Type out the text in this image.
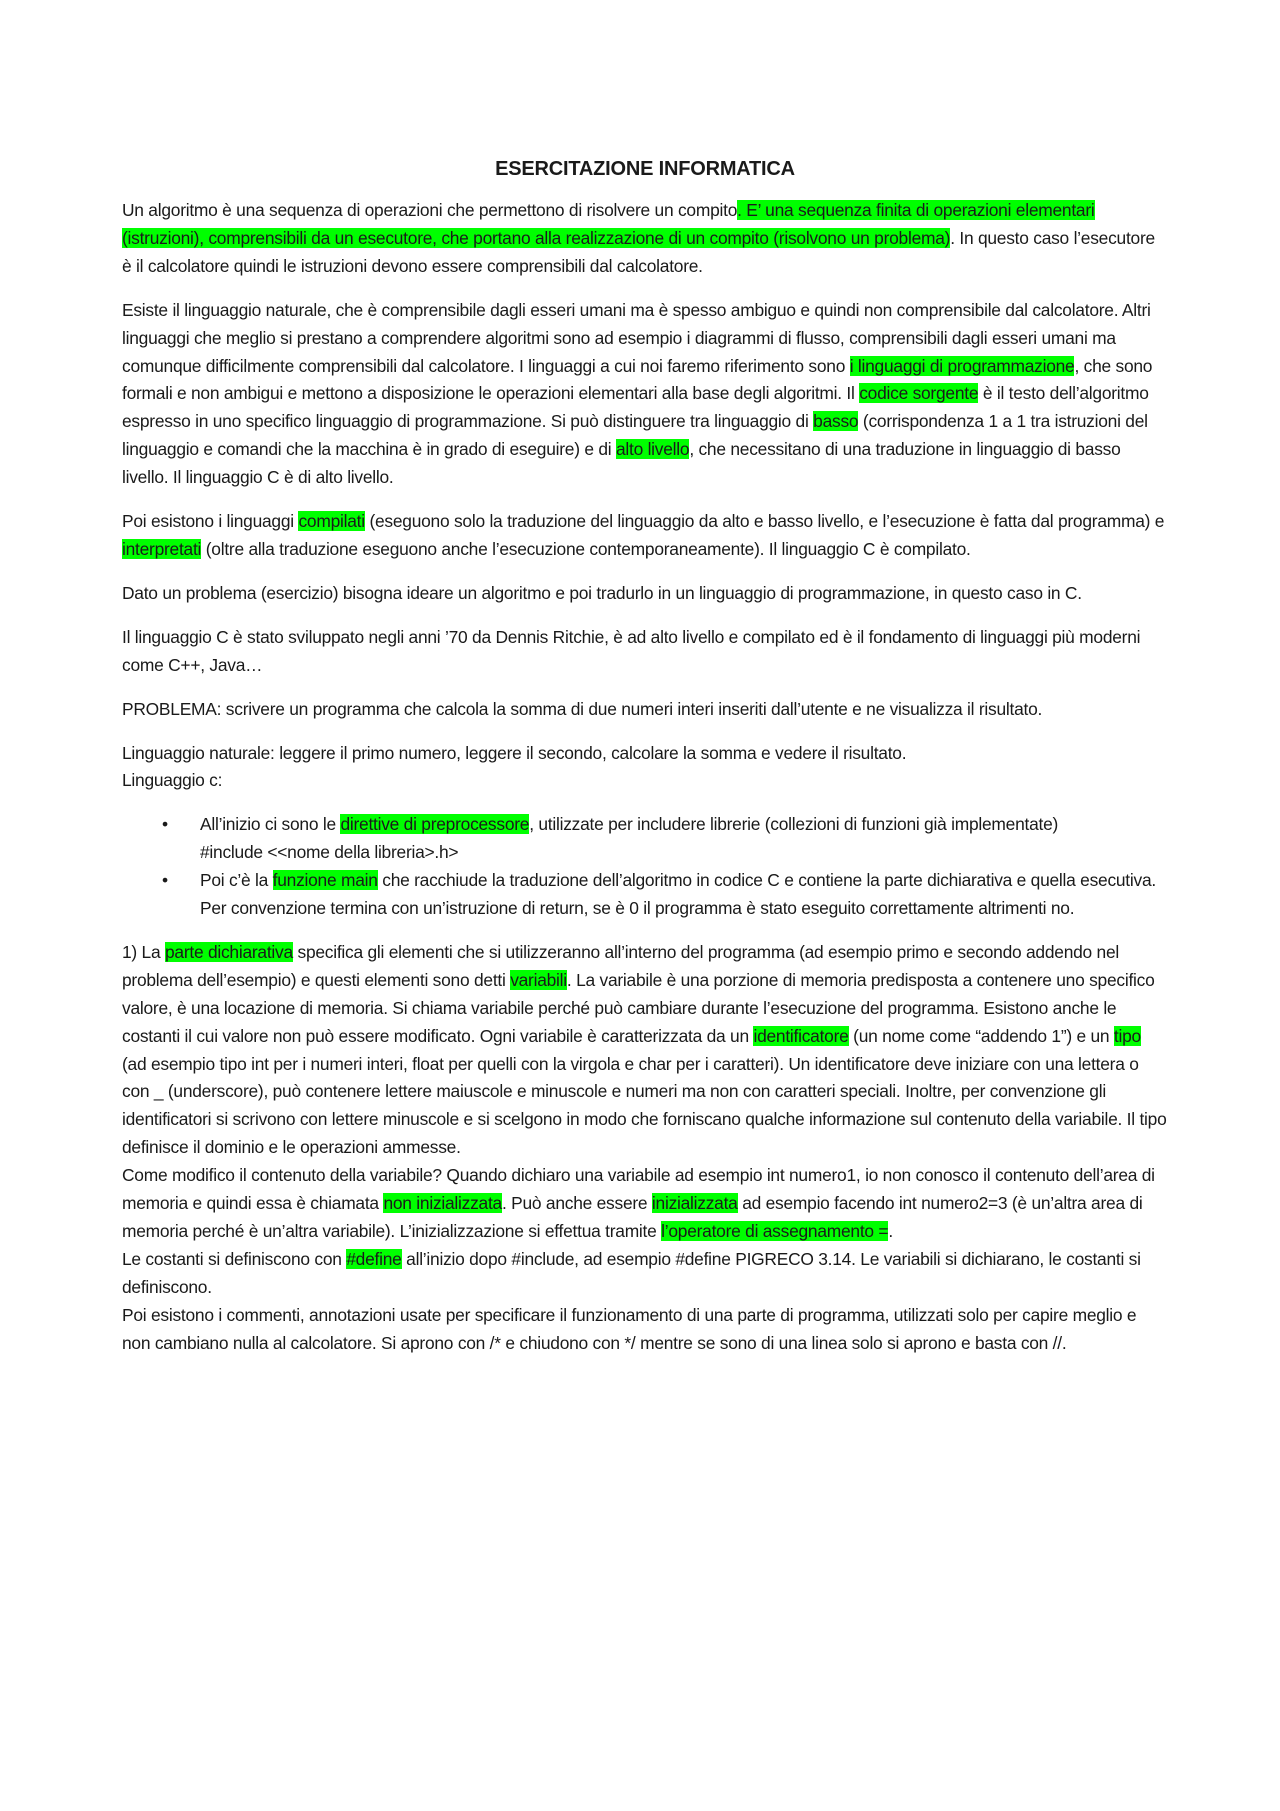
ESERCITAZIONE INFORMATICA

Un algoritmo è una sequenza di operazioni che permettono di risolvere un compito. E’ una sequenza finita di operazioni elementari (istruzioni), comprensibili da un esecutore, che portano alla realizzazione di un compito (risolvono un problema). In questo caso l’esecutore è il calcolatore quindi le istruzioni devono essere comprensibili dal calcolatore.

Esiste il linguaggio naturale, che è comprensibile dagli esseri umani ma è spesso ambiguo e quindi non comprensibile dal calcolatore. Altri linguaggi che meglio si prestano a comprendere algoritmi sono ad esempio i diagrammi di flusso, comprensibili dagli esseri umani ma comunque difficilmente comprensibili dal calcolatore. I linguaggi a cui noi faremo riferimento sono i linguaggi di programmazione, che sono formali e non ambigui e mettono a disposizione le operazioni elementari alla base degli algoritmi. Il codice sorgente è il testo dell’algoritmo espresso in uno specifico linguaggio di programmazione. Si può distinguere tra linguaggio di basso (corrispondenza 1 a 1 tra istruzioni del linguaggio e comandi che la macchina è in grado di eseguire) e di alto livello, che necessitano di una traduzione in linguaggio di basso livello. Il linguaggio C è di alto livello.

Poi esistono i linguaggi compilati (eseguono solo la traduzione del linguaggio da alto e basso livello, e l’esecuzione è fatta dal programma) e interpretati (oltre alla traduzione eseguono anche l’esecuzione contemporaneamente). Il linguaggio C è compilato.

Dato un problema (esercizio) bisogna ideare un algoritmo e poi tradurlo in un linguaggio di programmazione, in questo caso in C.

Il linguaggio C è stato sviluppato negli anni ’70 da Dennis Ritchie, è ad alto livello e compilato ed è il fondamento di linguaggi più moderni come C++, Java…

PROBLEMA: scrivere un programma che calcola la somma di due numeri interi inseriti dall’utente e ne visualizza il risultato.

Linguaggio naturale: leggere il primo numero, leggere il secondo, calcolare la somma e vedere il risultato.
Linguaggio c:

• All’inizio ci sono le direttive di preprocessore, utilizzate per includere librerie (collezioni di funzioni già implementate)
#include <<nome della libreria>.h>
• Poi c’è la funzione main che racchiude la traduzione dell’algoritmo in codice C e contiene la parte dichiarativa e quella esecutiva. Per convenzione termina con un’istruzione di return, se è 0 il programma è stato eseguito correttamente altrimenti no.

1) La parte dichiarativa specifica gli elementi che si utilizzeranno all’interno del programma (ad esempio primo e secondo addendo nel problema dell’esempio) e questi elementi sono detti variabili. La variabile è una porzione di memoria predisposta a contenere uno specifico valore, è una locazione di memoria. Si chiama variabile perché può cambiare durante l’esecuzione del programma. Esistono anche le costanti il cui valore non può essere modificato. Ogni variabile è caratterizzata da un identificatore (un nome come “addendo 1”) e un tipo (ad esempio tipo int per i numeri interi, float per quelli con la virgola e char per i caratteri). Un identificatore deve iniziare con una lettera o con _ (underscore), può contenere lettere maiuscole e minuscole e numeri ma non con caratteri speciali. Inoltre, per convenzione gli identificatori si scrivono con lettere minuscole e si scelgono in modo che forniscano qualche informazione sul contenuto della variabile. Il tipo definisce il dominio e le operazioni ammesse.

Come modifico il contenuto della variabile? Quando dichiaro una variabile ad esempio int numero1, io non conosco il contenuto dell’area di memoria e quindi essa è chiamata non inizializzata. Può anche essere inizializzata ad esempio facendo int numero2=3 (è un’altra area di memoria perché è un’altra variabile). L’inizializzazione si effettua tramite l’operatore di assegnamento =.

Le costanti si definiscono con #define all’inizio dopo #include, ad esempio #define PIGRECO 3.14. Le variabili si dichiarano, le costanti si definiscono.

Poi esistono i commenti, annotazioni usate per specificare il funzionamento di una parte di programma, utilizzati solo per capire meglio e non cambiano nulla al calcolatore. Si aprono con /* e chiudono con */ mentre se sono di una linea solo si aprono e basta con //.
